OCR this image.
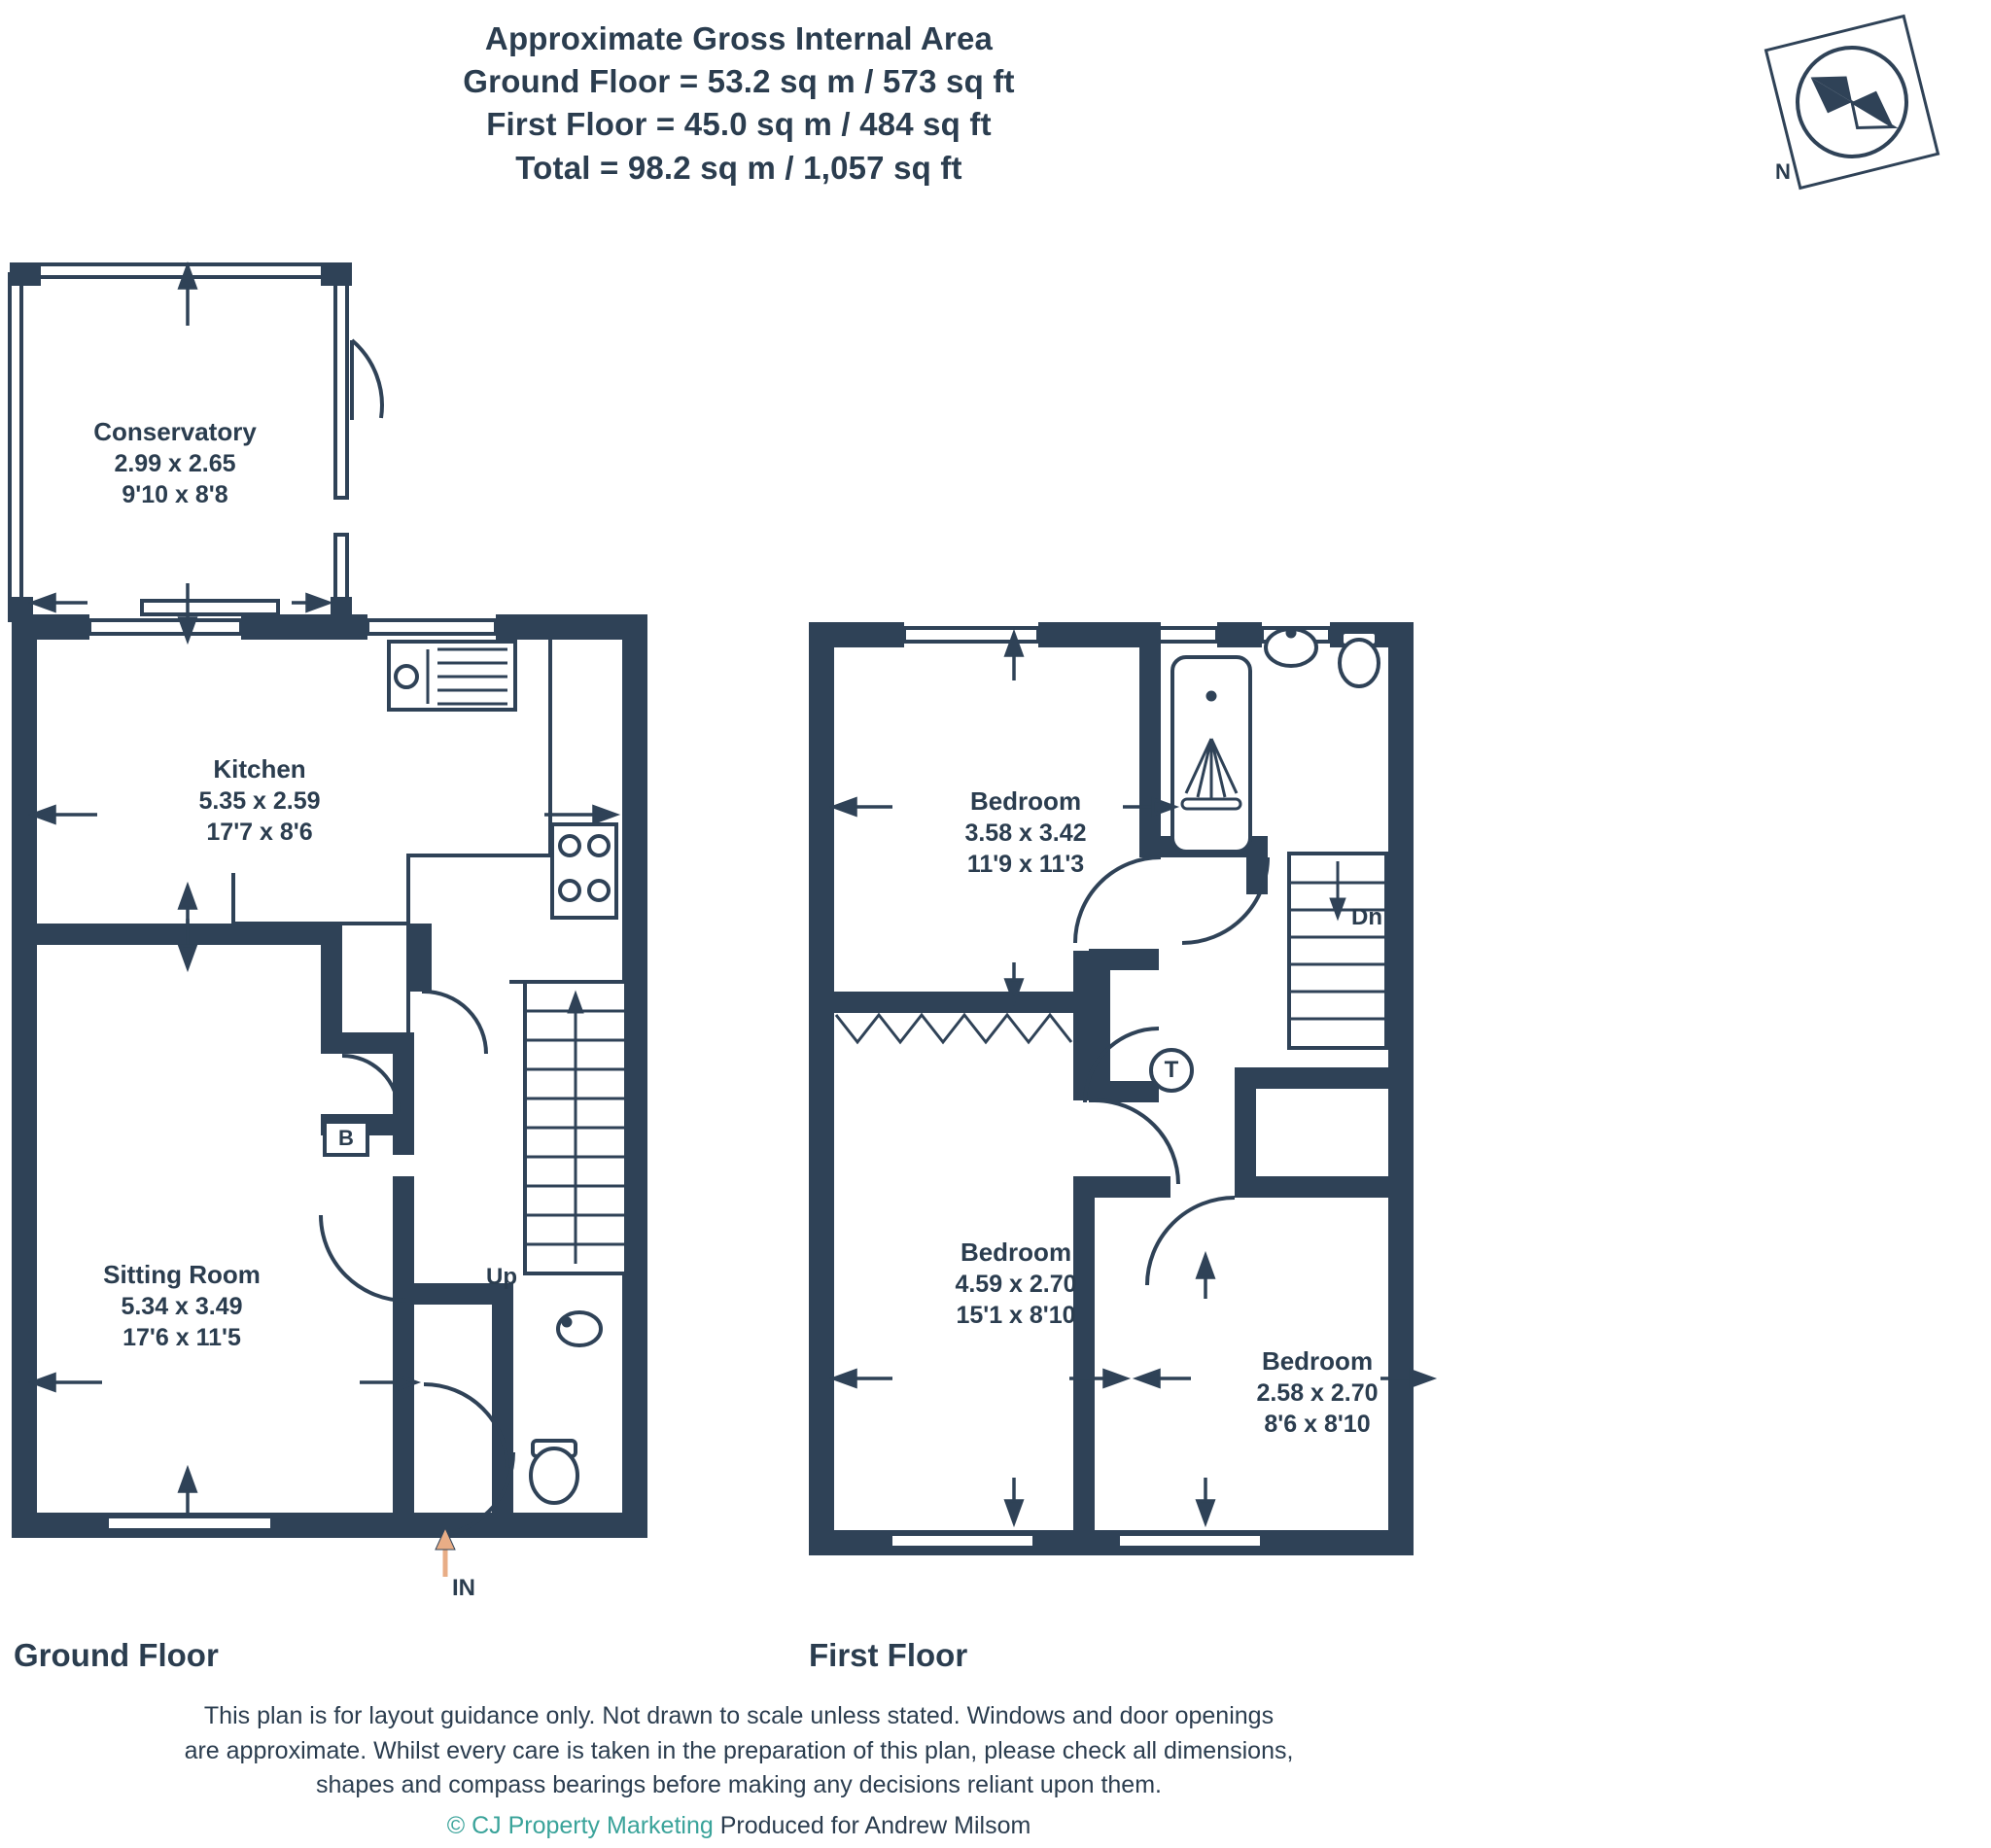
Approximate Gross Internal Area
Ground Floor = 53.2 sq m / 573 sq ft
First Floor = 45.0 sq m / 484 sq ft
Total = 98.2 sq m / 1,057 sq ft	N
Conservatory
2.99 x 2.65
9'10 x 8'8
Kitchen
5.35 x 2.59
17'7 x 8'6
Sitting Room
5.34 x 3.49
17'6 x 11'5
B
Up
IN
Ground Floor
Bedroom
3.58 x 3.42
11'9 x 11'3
Bedroom
4.59 x 2.70
15'1 x 8'10
Bedroom
2.58 x 2.70
8'6 x 8'10
Dn
T
First Floor
This plan is for layout guidance only. Not drawn to scale unless stated. Windows and door openings
are approximate. Whilst every care is taken in the preparation of this plan, please check all dimensions,
shapes and compass bearings before making any decisions reliant upon them.
© CJ Property Marketing Produced for Andrew Milsom
